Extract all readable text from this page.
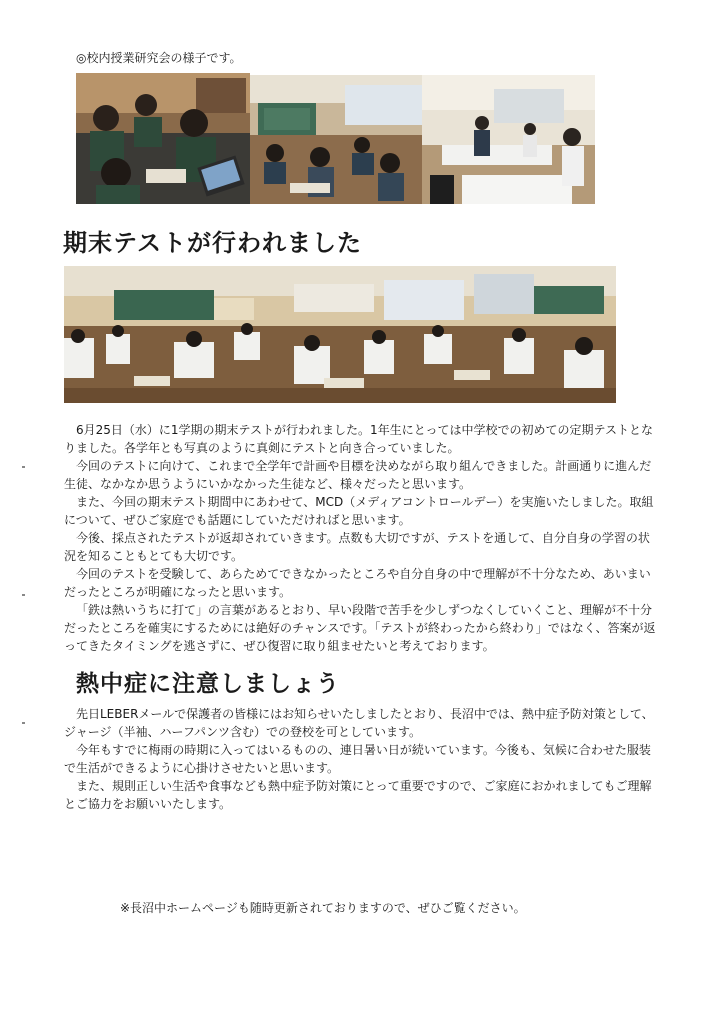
◎校内授業研究会の様子です。
期末テストが行われました

6月25日（水）に1学期の期末テストが行われました。1年生にとっては中学校での初めての定期テストとなりました。各学年とも写真のように真剣にテストと向き合っていました。

今回のテストに向けて、これまで全学年で計画や目標を決めながら取り組んできました。計画通りに進んだ生徒、なかなか思うようにいかなかった生徒など、様々だったと思います。

また、今回の期末テスト期間中にあわせて、MCD（メディアコントロールデー）を実施いたしました。取組について、ぜひご家庭でも話題にしていただければと思います。

今後、採点されたテストが返却されていきます。点数も大切ですが、テストを通して、自分自身の学習の状況を知ることもとても大切です。

今回のテストを受験して、あらためてできなかったところや自分自身の中で理解が不十分なため、あいまいだったところが明確になったと思います。

「鉄は熱いうちに打て」の言葉があるとおり、早い段階で苦手を少しずつなくしていくこと、理解が不十分だったところを確実にするためには絶好のチャンスです。「テストが終わったから終わり」ではなく、答案が返ってきたタイミングを逃さずに、ぜひ復習に取り組ませたいと考えております。

熱中症に注意しましょう

先日LEBERメールで保護者の皆様にはお知らせいたしましたとおり、長沼中では、熱中症予防対策として、ジャージ（半袖、ハーフパンツ含む）での登校を可としています。

今年もすでに梅雨の時期に入ってはいるものの、連日暑い日が続いています。今後も、気候に合わせた服装で生活ができるように心掛けさせたいと思います。

また、規則正しい生活や食事なども熱中症予防対策にとって重要ですので、ご家庭におかれましてもご理解とご協力をお願いいたします。

※長沼中ホームページも随時更新されておりますので、ぜひご覧ください。
